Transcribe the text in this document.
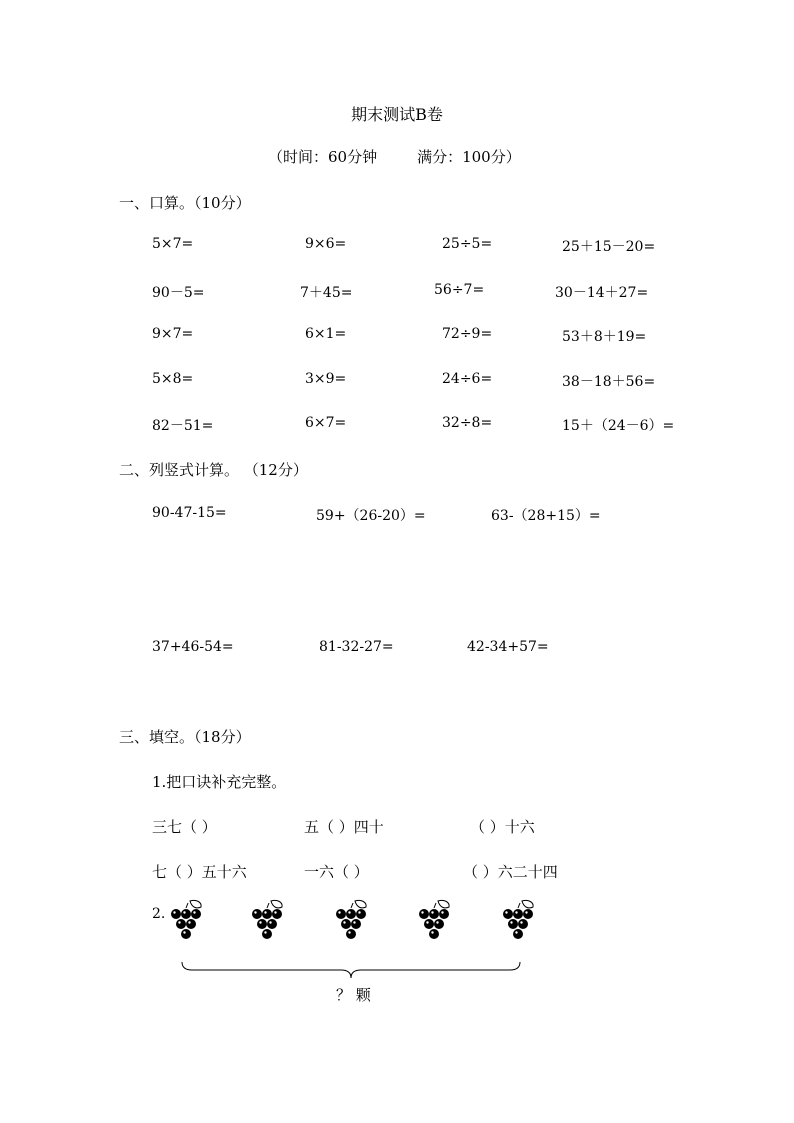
期末测试B卷
（时间：60分钟	满分：100分）
一、口算。（10分）
5×7=	9×6=	25÷5=	25＋15－20=
90－5=	7＋45=	56÷7=	30－14＋27=
9×7=	6×1=	72÷9=	53＋8＋19=
5×8=	3×9=	24÷6=	38－18＋56=
82－51=	6×7=	32÷8=	15＋（24－6）=
二、列竖式计算。 （12分）
90-47-15=	59+（26-20）=	63-（28+15）=
37+46-54=	81-32-27=	42-34+57=
三、填空。（18分）
1.把口诀补充完整。
三七（ ）	五（ ）四十	（ ）十六
七（ ）五十六	一六（ ）	（ ）六二十四
2.
？ 颗
